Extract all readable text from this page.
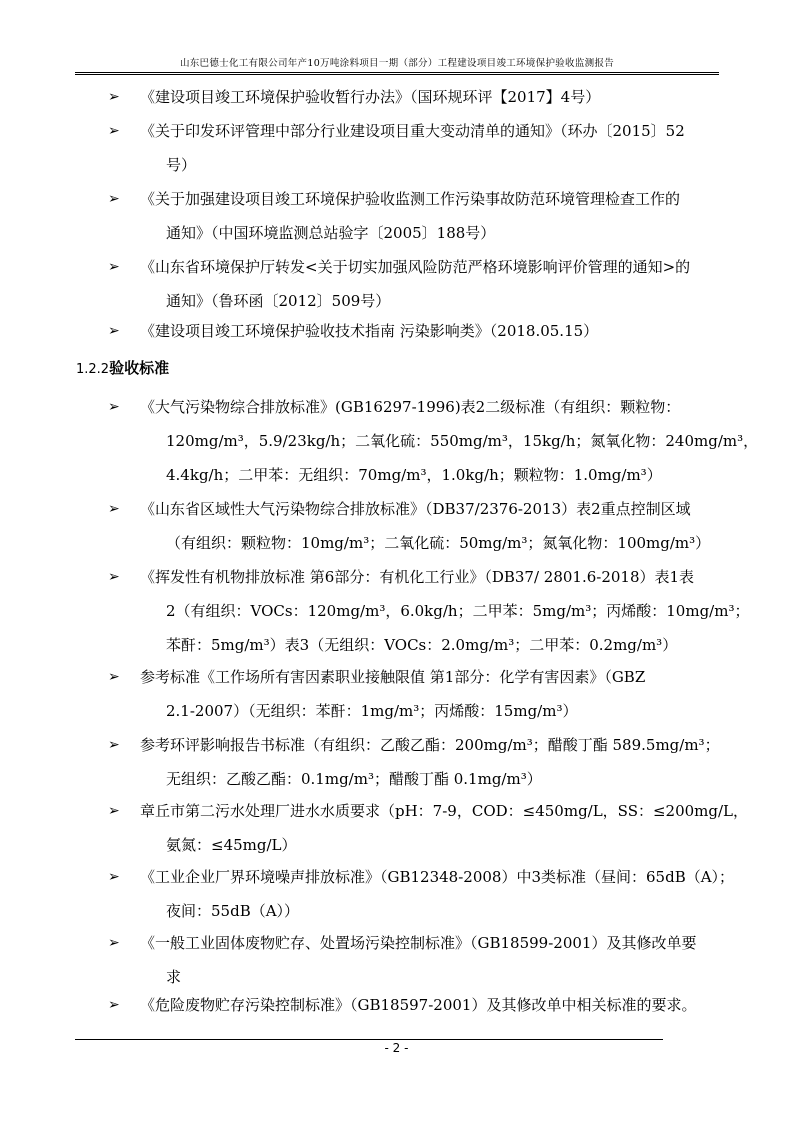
山东巴德士化工有限公司年产10万吨涂料项目一期（部分）工程建设项目竣工环境保护验收监测报告
➢	《建设项目竣工环境保护验收暂行办法》（国环规环评【2017】4号）
➢	《关于印发环评管理中部分行业建设项目重大变动清单的通知》（环办〔2015〕52
号）
➢	《关于加强建设项目竣工环境保护验收监测工作污染事故防范环境管理检查工作的
通知》（中国环境监测总站验字〔2005〕188号）
➢	《山东省环境保护厅转发<关于切实加强风险防范严格环境影响评价管理的通知>的
通知》（鲁环函〔2012〕509号）
➢	《建设项目竣工环境保护验收技术指南 污染影响类》（2018.05.15）
1.2.2验收标准
➢	《大气污染物综合排放标准》(GB16297-1996)表2二级标准（有组织：颗粒物：
120mg/m³，5.9/23kg/h；二氧化硫：550mg/m³，15kg/h；氮氧化物：240mg/m³，
4.4kg/h；二甲苯：无组织：70mg/m³，1.0kg/h；颗粒物：1.0mg/m³）
➢	《山东省区域性大气污染物综合排放标准》（DB37/2376-2013）表2重点控制区域
（有组织：颗粒物：10mg/m³；二氧化硫：50mg/m³；氮氧化物：100mg/m³）
➢	《挥发性有机物排放标准 第6部分：有机化工行业》（DB37/ 2801.6-2018）表1表
2（有组织：VOCs：120mg/m³，6.0kg/h；二甲苯：5mg/m³；丙烯酸：10mg/m³；
苯酐：5mg/m³）表3（无组织：VOCs：2.0mg/m³；二甲苯：0.2mg/m³）
➢	参考标准《工作场所有害因素职业接触限值 第1部分：化学有害因素》（GBZ
2.1-2007）（无组织：苯酐：1mg/m³；丙烯酸：15mg/m³）
➢	参考环评影响报告书标准（有组织：乙酸乙酯：200mg/m³；醋酸丁酯 589.5mg/m³；
无组织：乙酸乙酯：0.1mg/m³；醋酸丁酯 0.1mg/m³）
➢	章丘市第二污水处理厂进水水质要求（pH：7-9，COD：≤450mg/L，SS：≤200mg/L，
氨氮：≤45mg/L）
➢	《工业企业厂界环境噪声排放标准》（GB12348-2008）中3类标准（昼间：65dB（A）；
夜间：55dB（A））
➢	《一般工业固体废物贮存、处置场污染控制标准》（GB18599-2001）及其修改单要
求
➢	《危险废物贮存污染控制标准》（GB18597-2001）及其修改单中相关标准的要求。
- 2 -
